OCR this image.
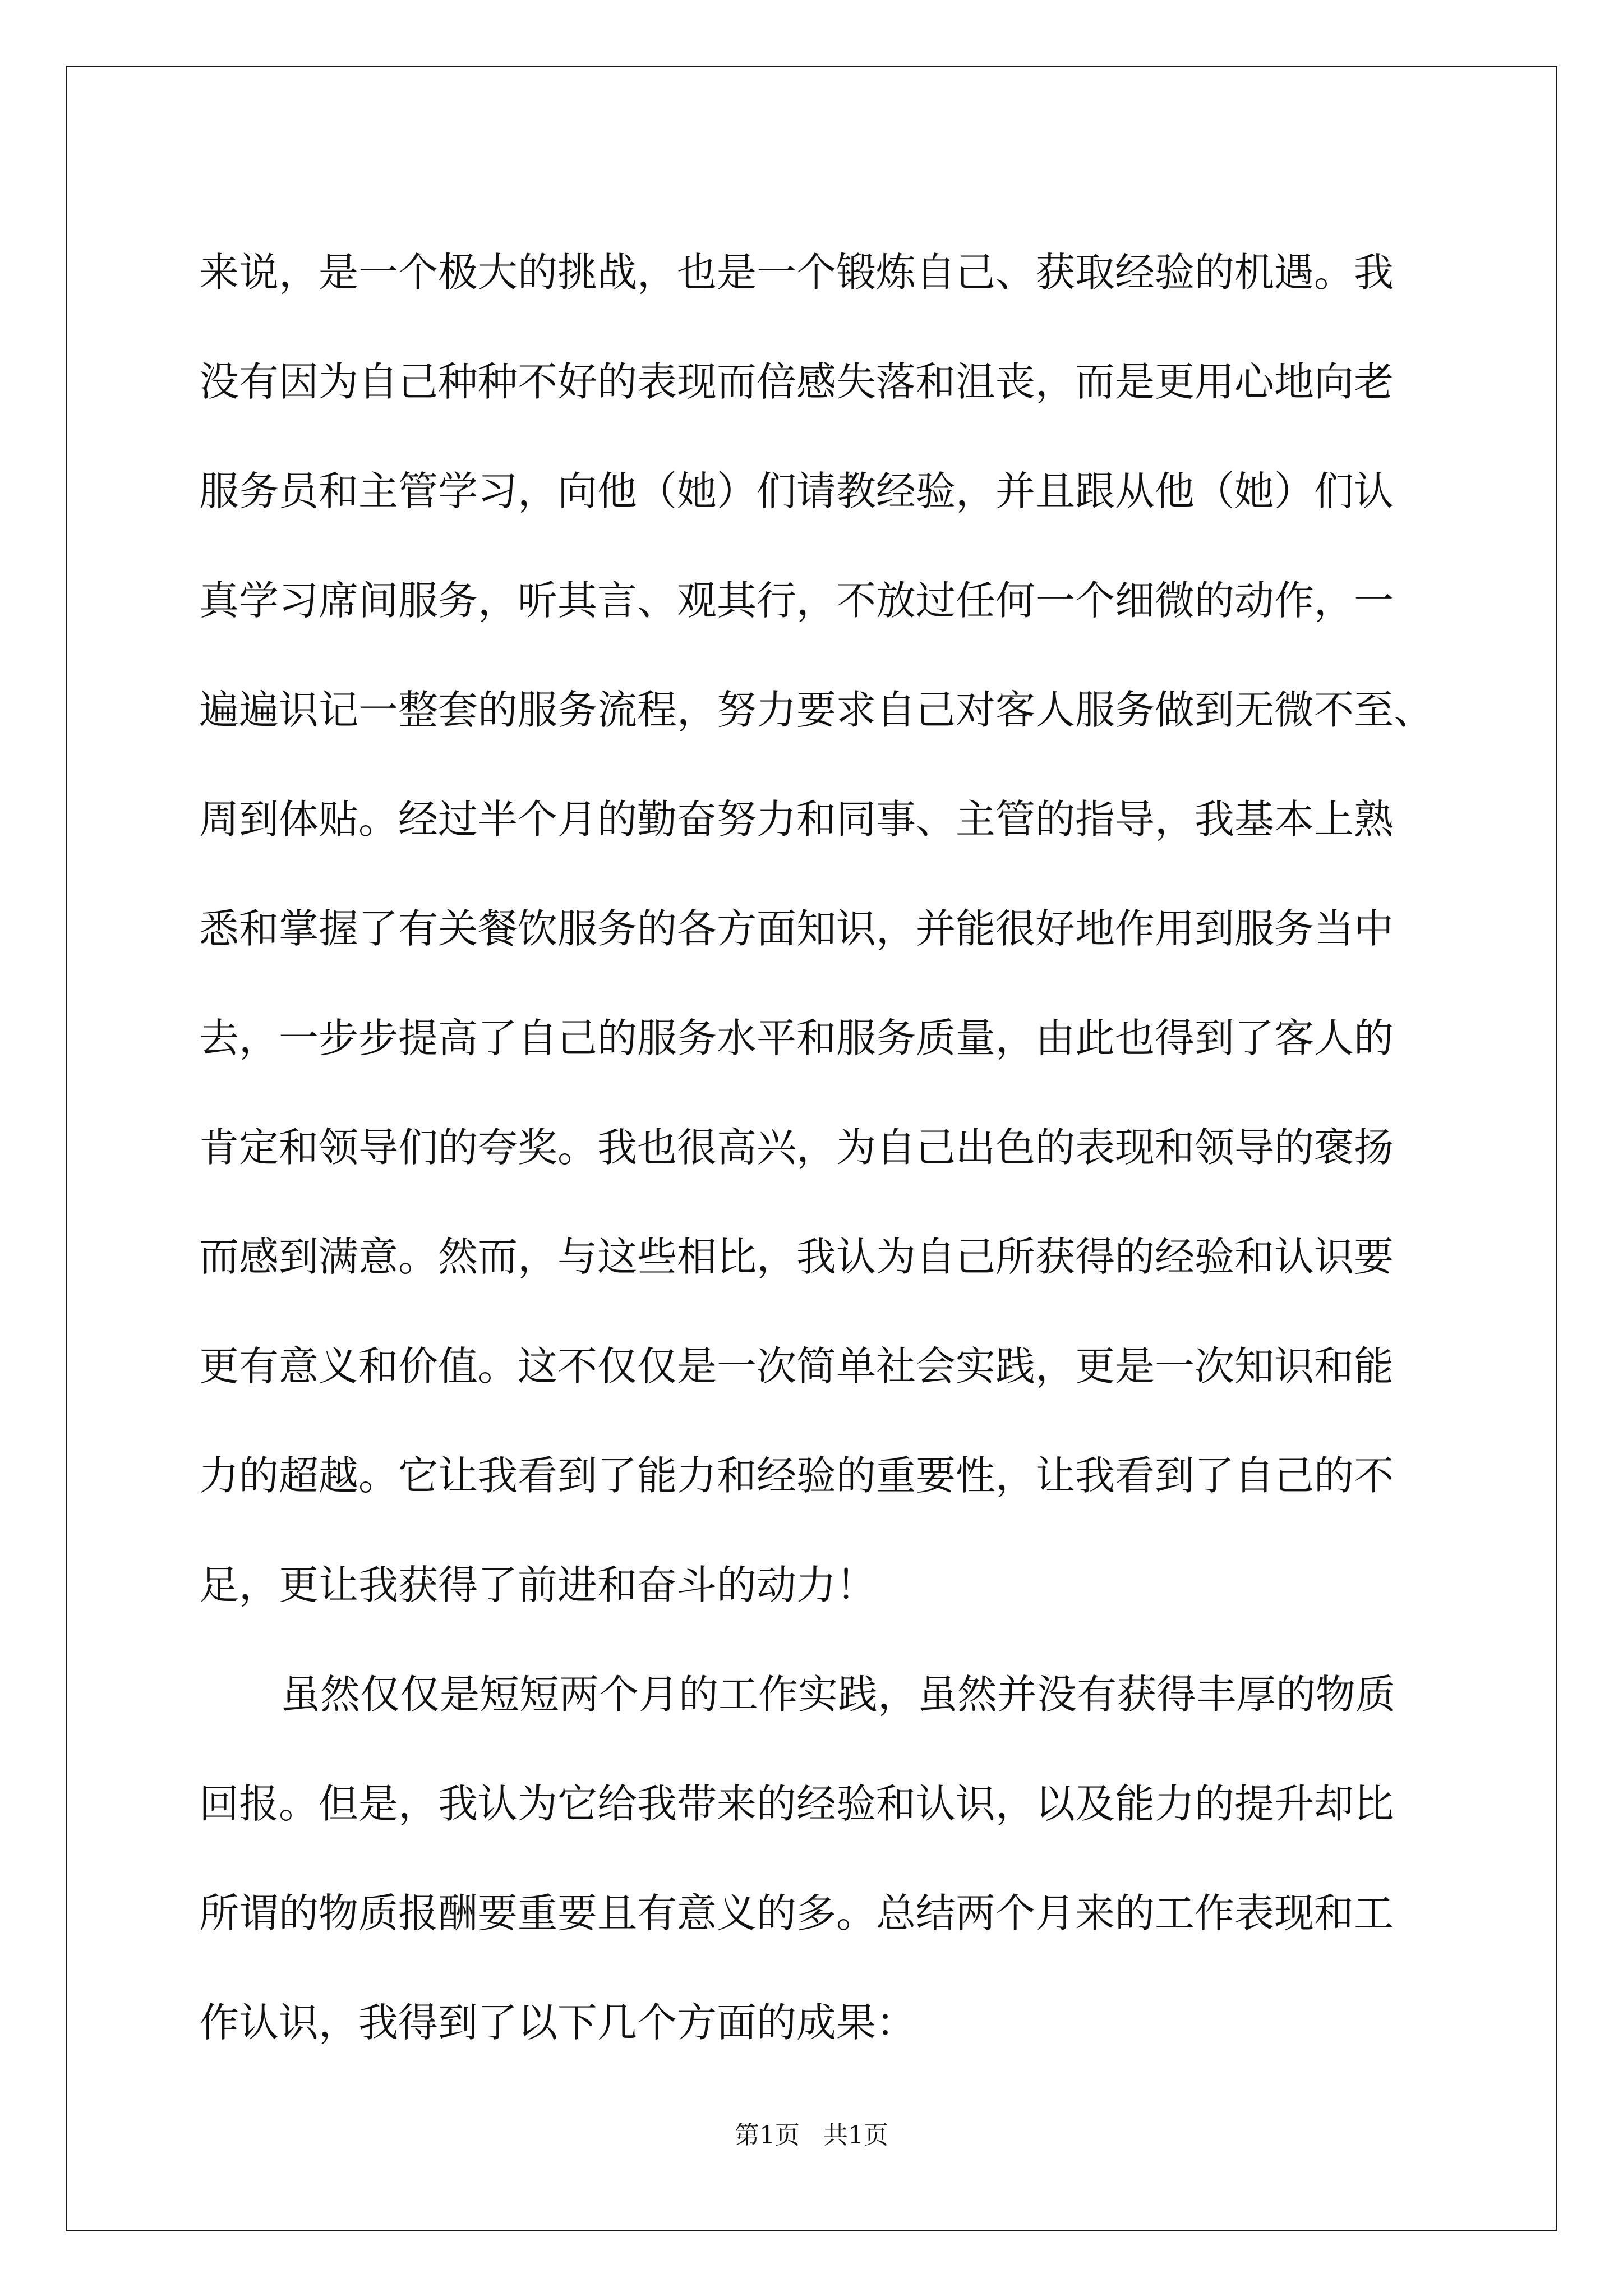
来说，是一个极大的挑战，也是一个锻炼自己、获取经验的机遇。我
没有因为自己种种不好的表现而倍感失落和沮丧，而是更用心地向老
服务员和主管学习，向他（她）们请教经验，并且跟从他（她）们认
真学习席间服务，听其言、观其行，不放过任何一个细微的动作，一
遍遍识记一整套的服务流程，努力要求自己对客人服务做到无微不至、
周到体贴。经过半个月的勤奋努力和同事、主管的指导，我基本上熟
悉和掌握了有关餐饮服务的各方面知识，并能很好地作用到服务当中
去，一步步提高了自己的服务水平和服务质量，由此也得到了客人的
肯定和领导们的夸奖。我也很高兴，为自己出色的表现和领导的褒扬
而感到满意。然而，与这些相比，我认为自己所获得的经验和认识要
更有意义和价值。这不仅仅是一次简单社会实践，更是一次知识和能
力的超越。它让我看到了能力和经验的重要性，让我看到了自己的不
足，更让我获得了前进和奋斗的动力！
虽然仅仅是短短两个月的工作实践，虽然并没有获得丰厚的物质
回报。但是，我认为它给我带来的经验和认识，以及能力的提升却比
所谓的物质报酬要重要且有意义的多。总结两个月来的工作表现和工
作认识，我得到了以下几个方面的成果：
第1页 共1页
